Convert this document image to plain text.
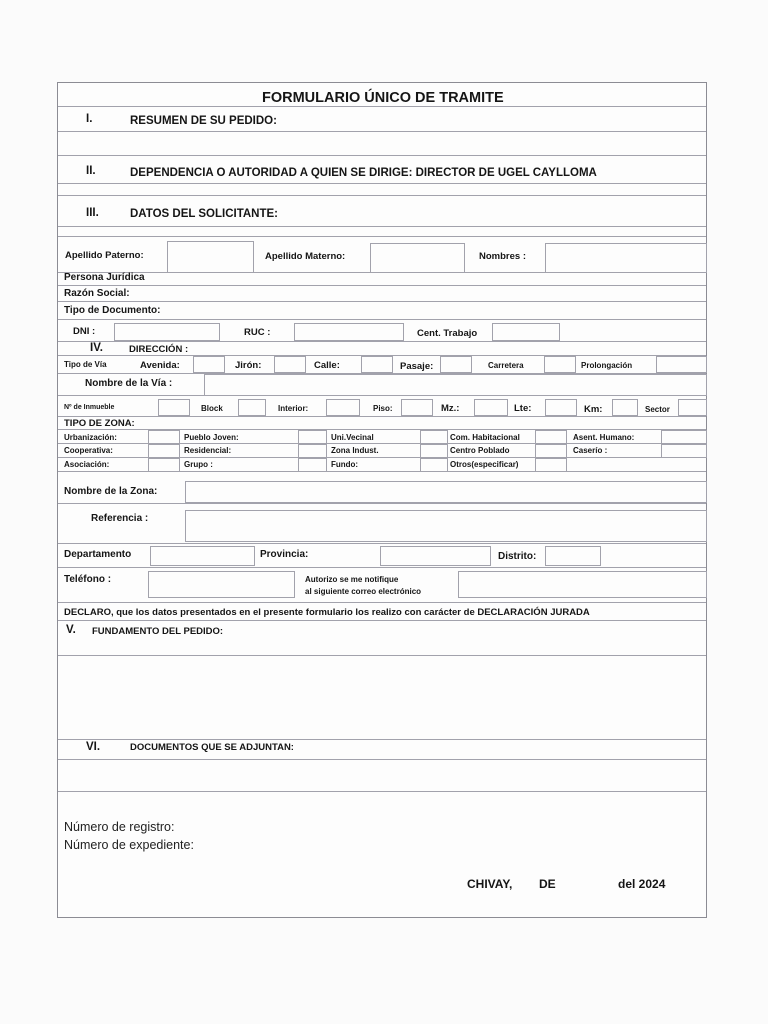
FORMULARIO ÚNICO DE TRAMITE
I.	RESUMEN DE SU PEDIDO:
II.	DEPENDENCIA O AUTORIDAD A QUIEN SE DIRIGE: DIRECTOR DE UGEL CAYLLOMA
III.	DATOS DEL SOLICITANTE:
Apellido Paterno:	Apellido Materno:	Nombres :
Persona Jurídica
Razón Social:
Tipo de Documento:
DNI :	RUC :	Cent. Trabajo
IV.	DIRECCIÓN :
Tipo de Vía	Avenida:	Jirón:	Calle:	Pasaje:	Carretera	Prolongación
Nombre de la Vía :
Nº de Inmueble	Block	Interior:	Piso:	Mz.:	Lte:	Km:	Sector
TIPO DE ZONA:
Urbanización:	Pueblo Joven:	Uni.Vecinal	Com. Habitacional	Asent. Humano:
Cooperativa:	Residencial:	Zona Indust.	Centro Poblado	Caserío :
Asociación:	Grupo :	Fundo:	Otros(especificar)
Nombre de la Zona:
Referencia :
Departamento	Provincia:	Distrito:
Teléfono :	Autorizo se me notifique
al siguiente correo electrónico
DECLARO, que los datos presentados en el presente formulario los realizo con carácter de DECLARACIÓN JURADA
V. FUNDAMENTO DEL PEDIDO:
VI.	DOCUMENTOS QUE SE ADJUNTAN:
Número de registro:
Número de expediente:
CHIVAY, DE	del 2024
